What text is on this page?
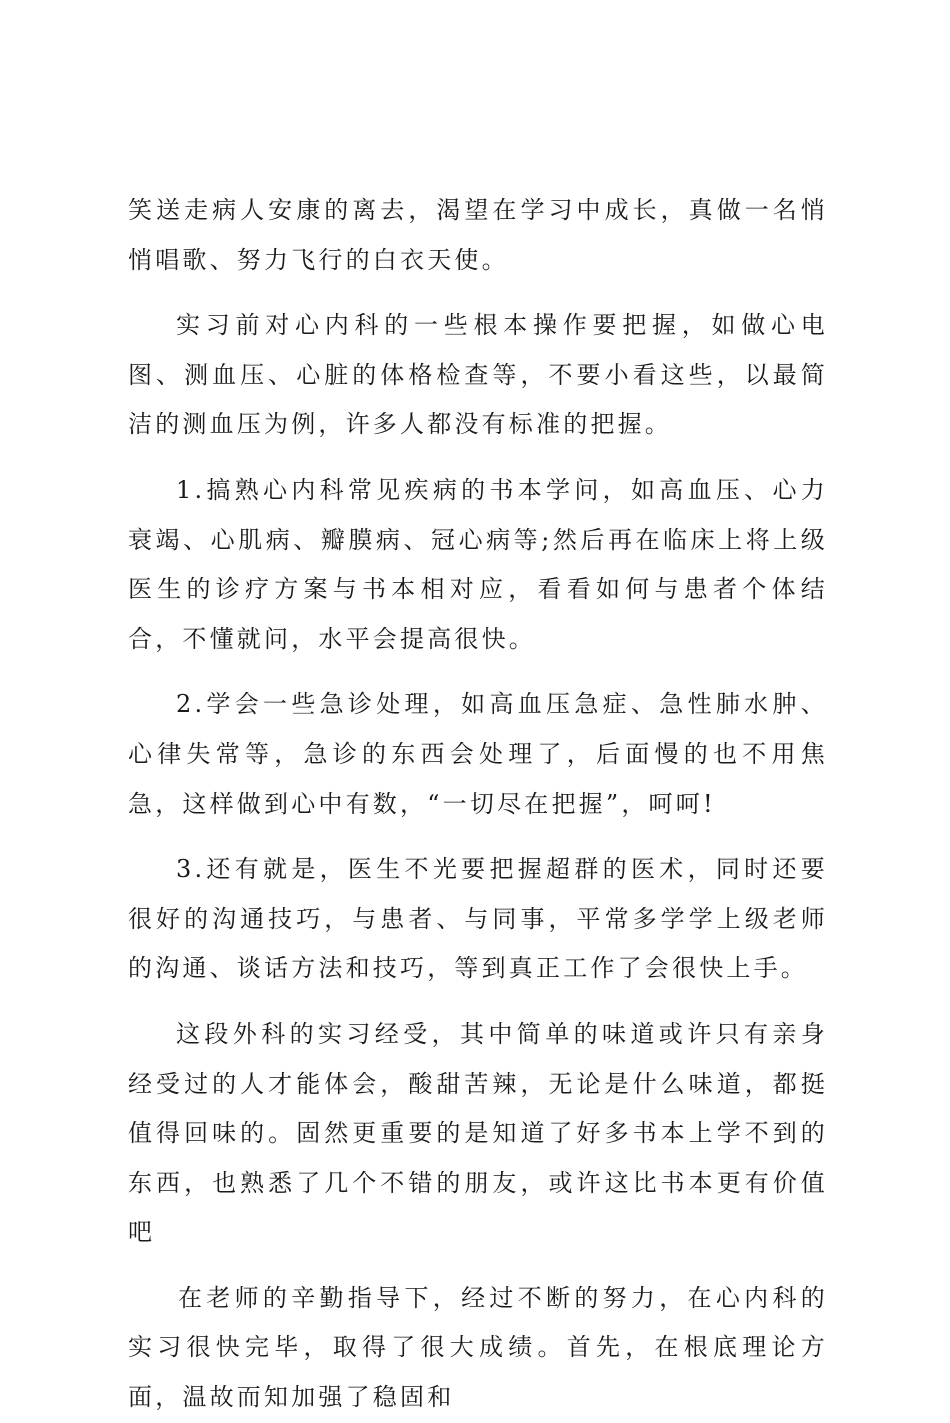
笑送走病人安康的离去，渴望在学习中成长，真做一名悄悄唱歌、努力飞行的白衣天使。

实习前对心内科的一些根本操作要把握，如做心电图、测血压、心脏的体格检查等，不要小看这些，以最简洁的测血压为例，许多人都没有标准的把握。

1.搞熟心内科常见疾病的书本学问，如高血压、心力衰竭、心肌病、瓣膜病、冠心病等;然后再在临床上将上级医生的诊疗方案与书本相对应，看看如何与患者个体结合，不懂就问，水平会提高很快。

2.学会一些急诊处理，如高血压急症、急性肺水肿、心律失常等，急诊的东西会处理了，后面慢的也不用焦急，这样做到心中有数，“一切尽在把握”，呵呵!

3.还有就是，医生不光要把握超群的医术，同时还要很好的沟通技巧，与患者、与同事，平常多学学上级老师的沟通、谈话方法和技巧，等到真正工作了会很快上手。

这段外科的实习经受，其中简单的味道或许只有亲身经受过的人才能体会，酸甜苦辣，无论是什么味道，都挺值得回味的。固然更重要的是知道了好多书本上学不到的东西，也熟悉了几个不错的朋友，或许这比书本更有价值吧

在老师的辛勤指导下，经过不断的努力，在心内科的实习很快完毕，取得了很大成绩。首先，在根底理论方面，温故而知加强了稳固和
